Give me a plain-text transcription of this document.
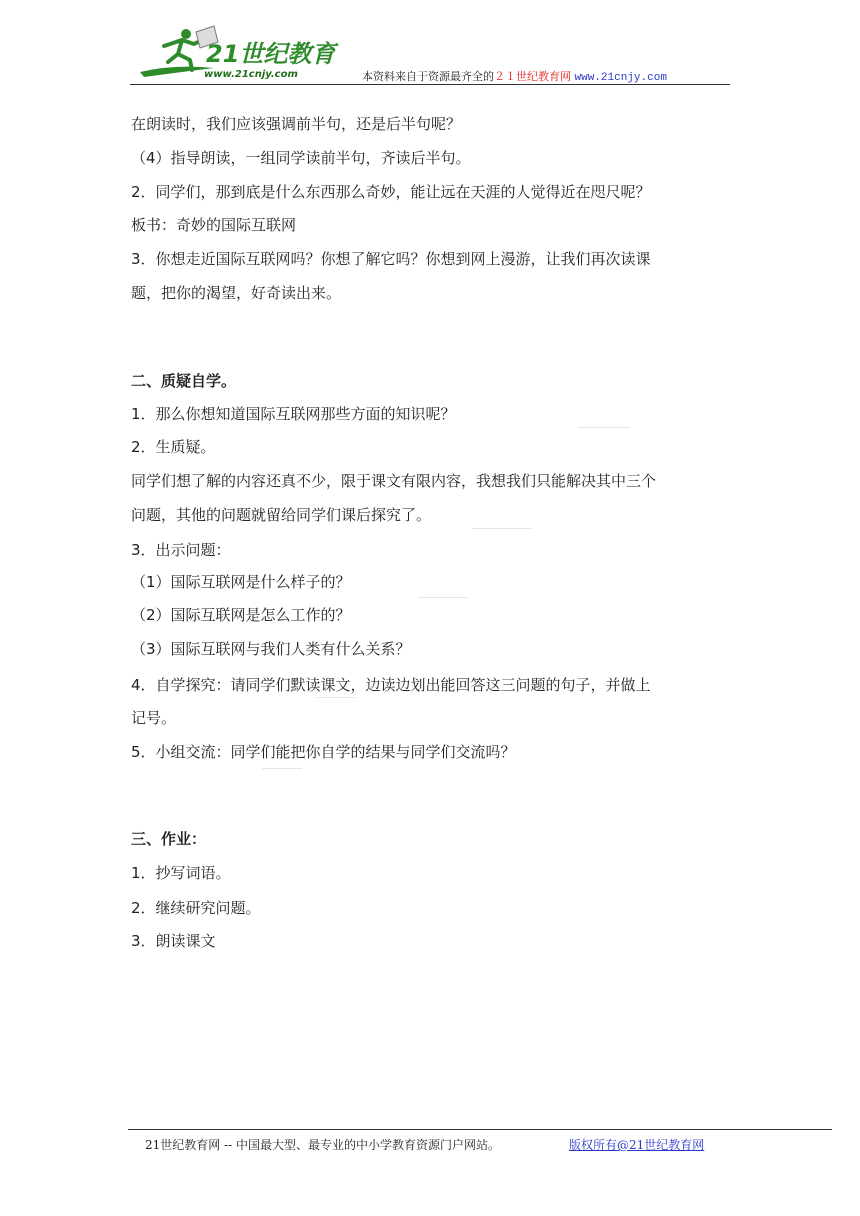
21世纪教育
www.21cnjy.com	本资料来自于资源最齐全的２１世纪教育网 www.21cnjy.com
在朗读时，我们应该强调前半句，还是后半句呢？
（4）指导朗读，一组同学读前半句，齐读后半句。
2．同学们，那到底是什么东西那么奇妙，能让远在天涯的人觉得近在咫尺呢？
板书：奇妙的国际互联网
3．你想走近国际互联网吗？你想了解它吗？你想到网上漫游，让我们再次读课
题，把你的渴望，好奇读出来。
二、质疑自学。
1．那么你想知道国际互联网那些方面的知识呢？
2．生质疑。
同学们想了解的内容还真不少，限于课文有限内容，我想我们只能解决其中三个
问题，其他的问题就留给同学们课后探究了。
3．出示问题：
（1）国际互联网是什么样子的？
（2）国际互联网是怎么工作的？
（3）国际互联网与我们人类有什么关系？
4．自学探究：请同学们默读课文，边读边划出能回答这三问题的句子，并做上
记号。
5．小组交流：同学们能把你自学的结果与同学们交流吗？
三、作业：
1．抄写词语。
2．继续研究问题。
3．朗读课文
21世纪教育网 -- 中国最大型、最专业的中小学教育资源门户网站。	版权所有@21世纪教育网
